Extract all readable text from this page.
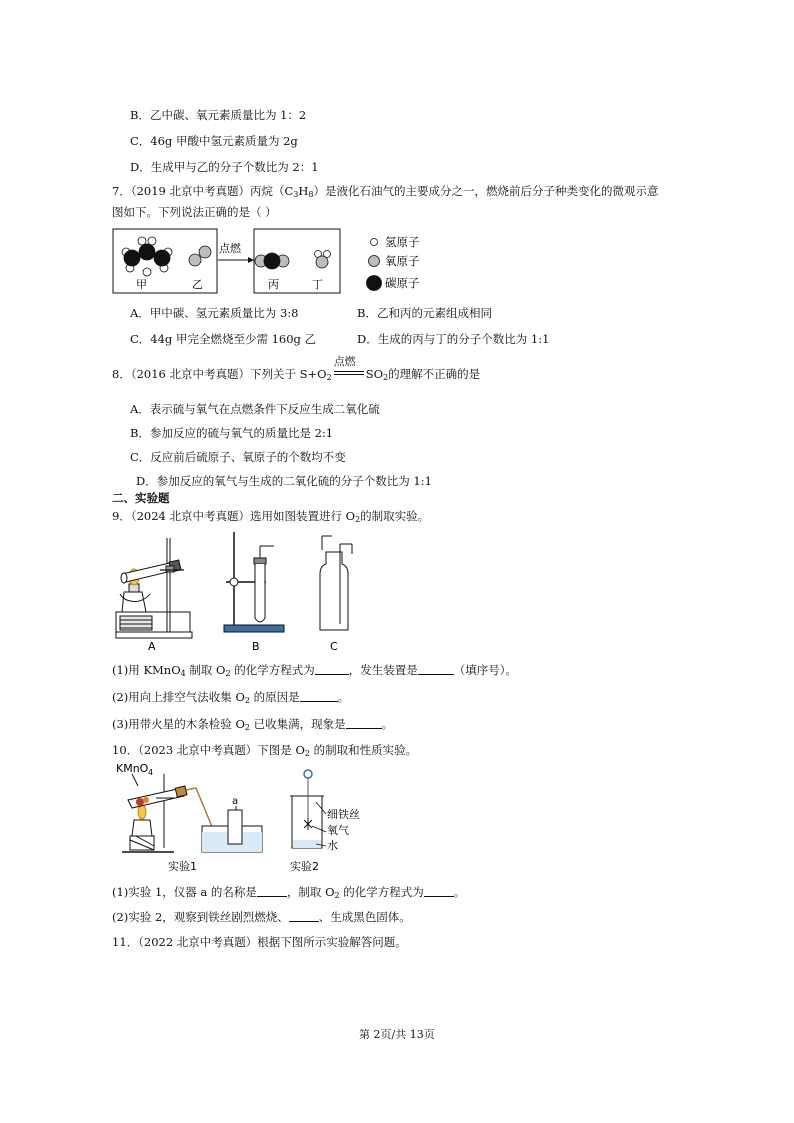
B．乙中碳、氧元素质量比为 1：2
C．46g 甲酸中氢元素质量为 2g
D．生成甲与乙的分子个数比为 2：1
7．（2019 北京中考真题）丙烷$(C_3H_8)$是液化石油气的主要成分之一，燃烧前后分子种类变化的微观示意
图如下。下列说法正确的是（ ）
甲	乙
点燃
丙	丁
氢原子
氧原子
碳原子
A．甲中碳、氢元素质量比为 3:8	B．乙和丙的元素组成相同
C．44g 甲完全燃烧至少需 160g 乙	D．生成的丙与丁的分子个数比为 1:1
8．（2016 北京中考真题）下列关于 $S+O_2$
点燃
$SO_2$的理解不正确的是
A．表示硫与氧气在点燃条件下反应生成二氧化硫
B．参加反应的硫与氧气的质量比是 2:1
C．反应前后硫原子、氧原子的个数均不变
D．参加反应的氧气与生成的二氧化硫的分子个数比为 1:1
二、实验题
9．（2024 北京中考真题）选用如图装置进行 $O_2$的制取实验。
A	B	C
(1)用 KMnO$_4$ 制取 $O_2$ 的化学方程式为	，发生装置是	（填序号）。
(2)用向上排空气法收集 $O_2$ 的原因是	。
(3)用带火星的木条检验 $O_2$ 已收集满，现象是	。
10．（2023 北京中考真题）下图是 $O_2$ 的制取和性质实验。
KMnO 4
a
实验1
细铁丝
氧气
水
实验2
(1)实验 1，仪器 a 的名称是	，制取 $O_2$ 的化学方程式为	。
(2)实验 2，观察到铁丝剧烈燃烧、	、生成黑色固体。
11．（2022 北京中考真题）根据下图所示实验解答问题。
第 2页/共 13页
